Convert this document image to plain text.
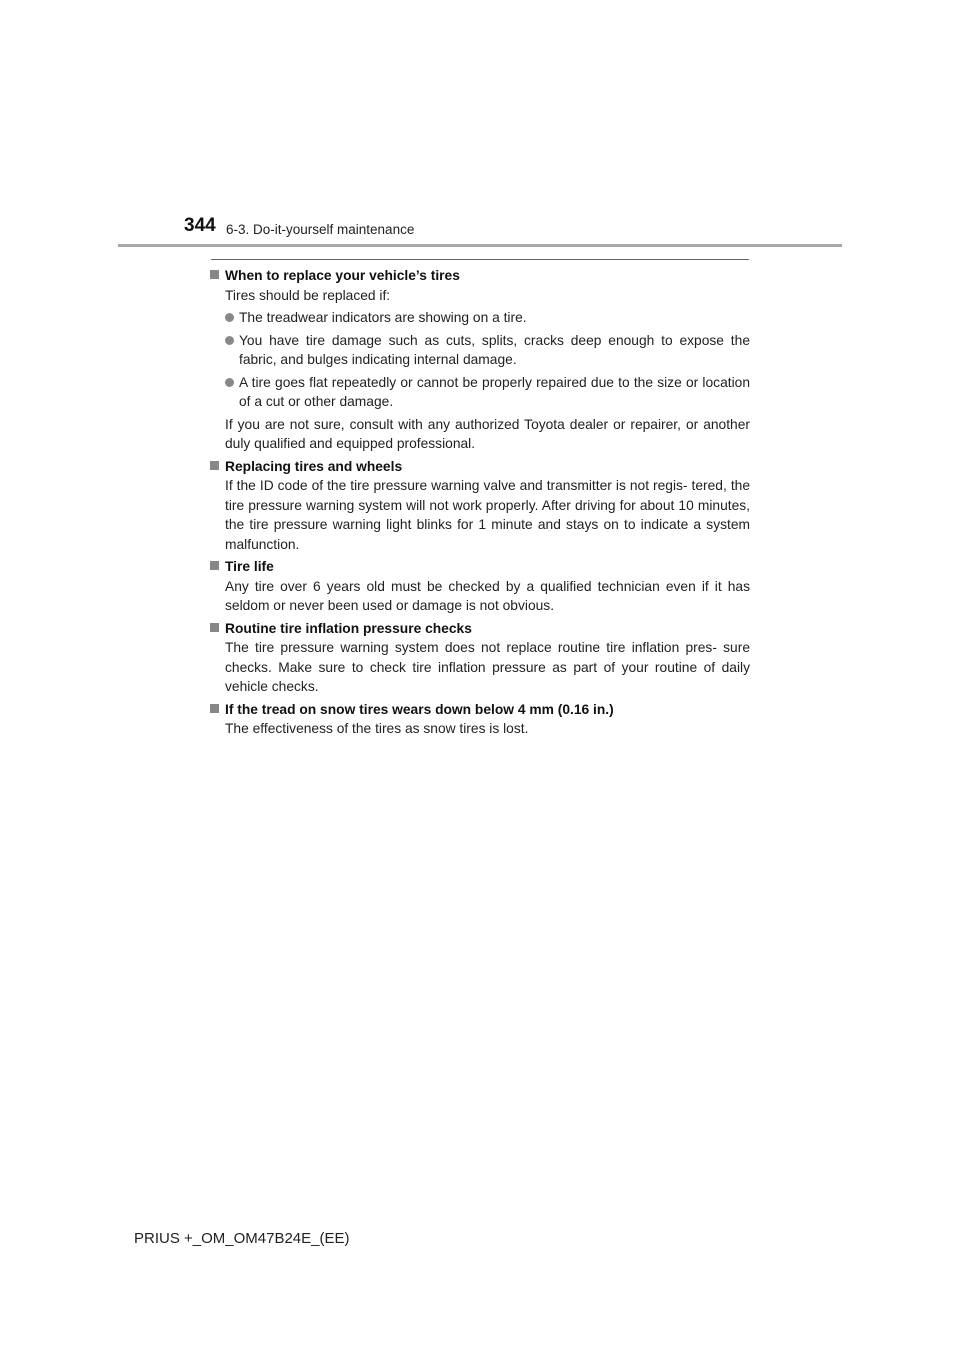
344 6-3. Do-it-yourself maintenance
When to replace your vehicle’s tires

Tires should be replaced if:

The treadwear indicators are showing on a tire.
You have tire damage such as cuts, splits, cracks deep enough to expose the fabric, and bulges indicating internal damage.
A tire goes flat repeatedly or cannot be properly repaired due to the size or location of a cut or other damage.

If you are not sure, consult with any authorized Toyota dealer or repairer, or another duly qualified and equipped professional.

Replacing tires and wheels

If the ID code of the tire pressure warning valve and transmitter is not regis- tered, the tire pressure warning system will not work properly. After driving for about 10 minutes, the tire pressure warning light blinks for 1 minute and stays on to indicate a system malfunction.

Tire life

Any tire over 6 years old must be checked by a qualified technician even if it has seldom or never been used or damage is not obvious.

Routine tire inflation pressure checks

The tire pressure warning system does not replace routine tire inflation pres- sure checks. Make sure to check tire inflation pressure as part of your routine of daily vehicle checks.

If the tread on snow tires wears down below 4 mm (0.16 in.)

The effectiveness of the tires as snow tires is lost.

PRIUS +_OM_OM47B24E_(EE)
